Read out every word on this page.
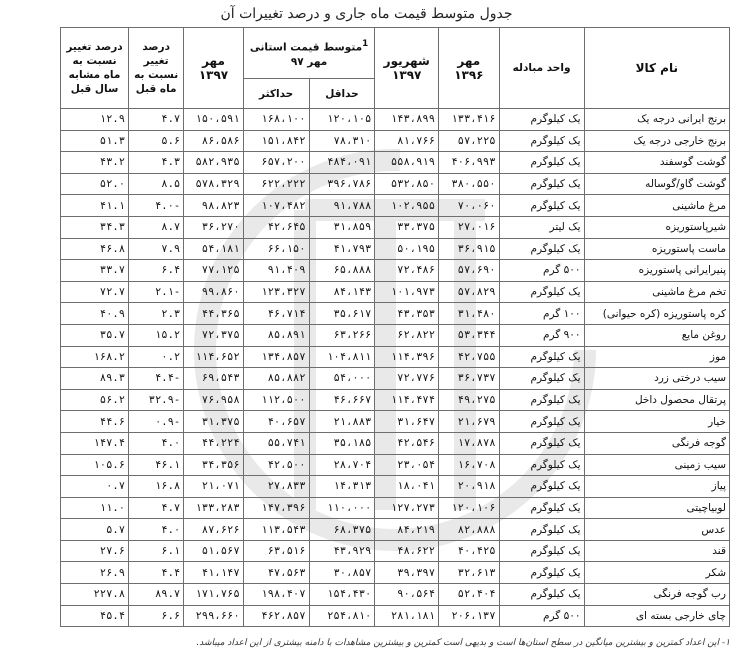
جدول متوسط قیمت ماه جاری و درصد تغییرات آن
نام کالا	واحد مبادله	مهر ۱۳۹۶	شهریور ۱۳۹۷	$^1$متوسط قیمت استانی مهر ۹۷		مهر ۱۳۹۷	درصد تغییر نسبت به ماه قبل	درصد تغییر نسبت به ماه مشابه سال قبل
				حداقل	حداکثر			
برنج ایرانی درجه یک	یک کیلوگرم	۱۳۳،۴۱۶	۱۴۳،۸۹۹	۱۲۰،۱۰۵	۱۶۸،۱۰۰	۱۵۰،۵۹۱	۴.۷	۱۲.۹
برنج خارجی درجه یک	یک کیلوگرم	۵۷،۲۲۵	۸۱،۷۶۶	۷۸،۳۱۰	۱۵۱،۸۴۲	۸۶،۵۸۶	۵.۶	۵۱.۳
گوشت گوسفند	یک کیلوگرم	۴۰۶،۹۹۳	۵۵۸،۹۱۹	۴۸۴،۰۹۱	۶۵۷،۲۰۰	۵۸۲،۹۳۵	۴.۳	۴۳.۲
گوشت گاو/گوساله	یک کیلوگرم	۳۸۰،۵۵۰	۵۳۲،۸۵۰	۳۹۶،۷۸۶	۶۲۲،۲۲۲	۵۷۸،۳۲۹	۸.۵	۵۲.۰
مرغ ماشینی	یک کیلوگرم	۷۰،۰۶۰	۱۰۲،۹۵۵	۹۱،۷۸۸	۱۰۷،۴۸۲	۹۸،۸۲۳	-۴.۰	۴۱.۱
شیرپاستوریزه	یک لیتر	۲۷،۰۱۶	۳۳،۳۷۵	۳۱،۸۵۹	۴۲،۶۴۵	۳۶،۲۷۰	۸.۷	۳۴.۳
ماست پاستوریزه	یک کیلوگرم	۳۶،۹۱۵	۵۰،۱۹۵	۴۱،۷۹۳	۶۶،۱۵۰	۵۴،۱۸۱	۷.۹	۴۶.۸
پنیرایرانی پاستوریزه	۵۰۰ گرم	۵۷،۶۹۰	۷۲،۴۸۶	۶۵،۸۸۸	۹۱،۴۰۹	۷۷،۱۲۵	۶.۴	۳۳.۷
تخم مرغ ماشینی	یک کیلوگرم	۵۷،۸۲۹	۱۰۱،۹۷۳	۸۴،۱۴۳	۱۲۳،۳۲۷	۹۹،۸۶۰	-۲.۱	۷۲.۷
کره پاستوریزه (کره حیوانی)	۱۰۰ گرم	۳۱،۴۸۰	۴۳،۳۵۳	۳۵،۶۱۷	۴۶،۷۱۴	۴۴،۳۶۵	۲.۳	۴۰.۹
روغن مایع	۹۰۰ گرم	۵۳،۳۴۴	۶۲،۸۲۲	۶۳،۲۶۶	۸۵،۸۹۱	۷۲،۳۷۵	۱۵.۲	۳۵.۷
موز	یک کیلوگرم	۴۲،۷۵۵	۱۱۴،۳۹۶	۱۰۴،۸۱۱	۱۳۴،۸۵۷	۱۱۴،۶۵۲	۰.۲	۱۶۸.۲
سیب درختی زرد	یک کیلوگرم	۳۶،۷۳۷	۷۲،۷۷۶	۵۴،۰۰۰	۸۵،۸۸۲	۶۹،۵۴۳	-۴.۴	۸۹.۳
پرتقال محصول داخل	یک کیلوگرم	۴۹،۲۷۵	۱۱۴،۴۷۴	۴۶،۶۶۷	۱۱۲،۵۰۰	۷۶،۹۵۸	-۳۲.۹	۵۶.۲
خیار	یک کیلوگرم	۲۱،۶۷۹	۳۱،۶۴۷	۲۱،۸۸۳	۴۰،۶۵۷	۳۱،۳۷۵	-۰.۹	۴۴.۶
گوجه فرنگی	یک کیلوگرم	۱۷،۸۷۸	۴۲،۵۴۶	۳۵،۱۸۵	۵۵،۷۴۱	۴۴،۲۲۴	۴.۰	۱۴۷.۴
سیب زمینی	یک کیلوگرم	۱۶،۷۰۸	۲۳،۰۵۴	۲۸،۷۰۴	۴۲،۵۰۰	۳۴،۳۵۶	۴۶.۱	۱۰۵.۶
پیاز	یک کیلوگرم	۲۰،۹۱۸	۱۸،۰۴۱	۱۴،۳۱۳	۲۷،۸۳۳	۲۱،۰۷۱	۱۶.۸	۰.۷
لوبیاچیتی	یک کیلوگرم	۱۲۰،۱۰۶	۱۲۷،۲۷۳	۱۱۰،۰۰۰	۱۴۷،۳۹۶	۱۳۳،۲۸۳	۴.۷	۱۱.۰
عدس	یک کیلوگرم	۸۲،۸۸۸	۸۴،۲۱۹	۶۸،۳۷۵	۱۱۳،۵۴۳	۸۷،۶۲۶	۴.۰	۵.۷
قند	یک کیلوگرم	۴۰،۴۲۵	۴۸،۶۲۲	۴۳،۹۲۹	۶۳،۵۱۶	۵۱،۵۶۷	۶.۱	۲۷.۶
شکر	یک کیلوگرم	۳۲،۶۱۳	۳۹،۳۹۷	۳۰،۸۵۷	۴۷،۵۶۳	۴۱،۱۴۷	۴.۴	۲۶.۹
رب گوجه فرنگی	یک کیلوگرم	۵۲،۴۰۴	۹۰،۵۶۴	۱۵۴،۴۳۰	۱۹۸،۴۰۷	۱۷۱،۷۶۵	۸۹.۷	۲۲۷.۸
چای خارجی بسته ای	۵۰۰ گرم	۲۰۶،۱۳۷	۲۸۱،۱۸۱	۲۵۴،۸۱۰	۴۶۲،۸۵۷	۲۹۹،۶۶۰	۶.۶	۴۵.۴
۱- این اعداد کمترین و بیشترین میانگین در سطح استان‌ها است و بدیهی است کمترین و بیشترین مشاهدات با دامنه بیشتری از این اعداد میباشد.
